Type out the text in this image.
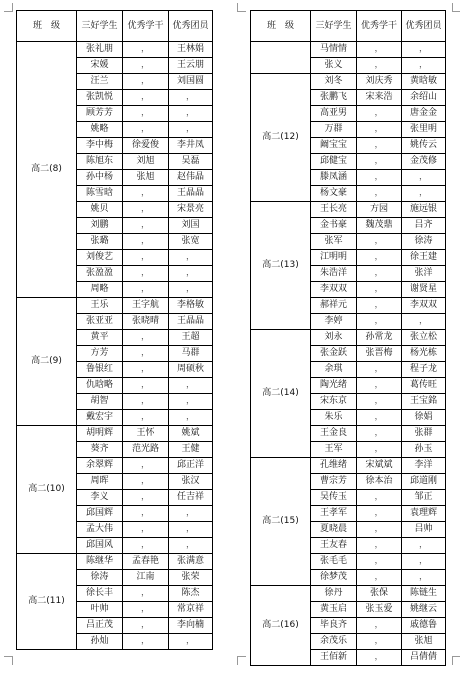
班　级	三好学生	优秀学干	优秀团员
高二(8)	张礼朋	，	王林娟
	宋媛	，	王云朋
	汪兰	，	刘国圆
	张凯悦	，	，
	顾芳芳	，	，
	姚略	，	，
	李中梅	徐爱俊	李井凤
	陈旭东	刘旭	吴磊
	孙中杨	张旭	赵伟晶
	陈雪晗	，	王晶晶
	姚贝	，	宋景亮
	刘鹏	，	刘国
	张璐	，	张宽
	刘俊艺	，	，
	张盈盈	，	，
	周略	，	，
高二(9)	王乐	王字航	李格敏
	张亚亚	张晓晴	王晶晶
	黄平	，	王超
	方芳	，	马群
	鲁银红	，	周硕秋
	仇晗略	，	，
	胡智	，	，
	戴宏宇	，	，
高二(10)	胡明辉	王怀	姚斌
	葵齐	范光路	王健
	余翠辉	，	邱正洋
	周晖	，	张汉
	李义	，	任吉祥
	邱国辉	，	，
	孟大伟	，	，
	邱国风	，	，
高二(11)	陈继华	孟春艳	张满意
	徐涛	江南	张荣
	徐长丰	，	陈杰
	叶帅	，	常京祥
	吕正茂	，	李向楠
	孙灿	，	，
班　级	三好学生	优秀学干	优秀团员
	马情情	，	，
	张义	，	，
高二(12)	刘冬	刘庆秀	黄晗敏
	张鹏飞	宋来浩	余绍山
	高亚男	，	唐金金
	万群	，	张里明
	阚宝宝	，	姚传云
	邱健宝	，	金茂修
	滕凤涵	，	，
	杨文豪	，	，
高二(13)	王长亮	方园	施远银
	金书豪	魏茂鼎	吕齐
	张军	，	徐涛
	江明明	，	徐王建
	朱浩洋	，	张洋
	李双双	，	谢贤星
	郝祥元	，	李双双
	李婷	，	，
高二(14)	刘永	孙常龙	张立松
	张金跃	张晋梅	杨光栋
	余琪	，	程子龙
	陶光绪	，	葛传旺
	宋东京	，	王宝銘
	朱乐	，	徐娟
	王金良	，	张群
	王军	，	孙玉
高二(15)	孔维绪	宋斌斌	李洋
	曹宗芳	徐本治	邱道刚
	吴传玉	，	邹正
	王孝军	，	袁理辉
	夏晓晨	，	吕帅
	王友春	，	，
	张毛毛	，	，
	徐梦茂	，	，
高二(16)	徐丹	张保	陈链生
	黄玉启	张玉爱	姚继云
	毕良齐	，	戚德鲁
	余茂乐	，	张旭
	王佰新	，	吕倩倩
